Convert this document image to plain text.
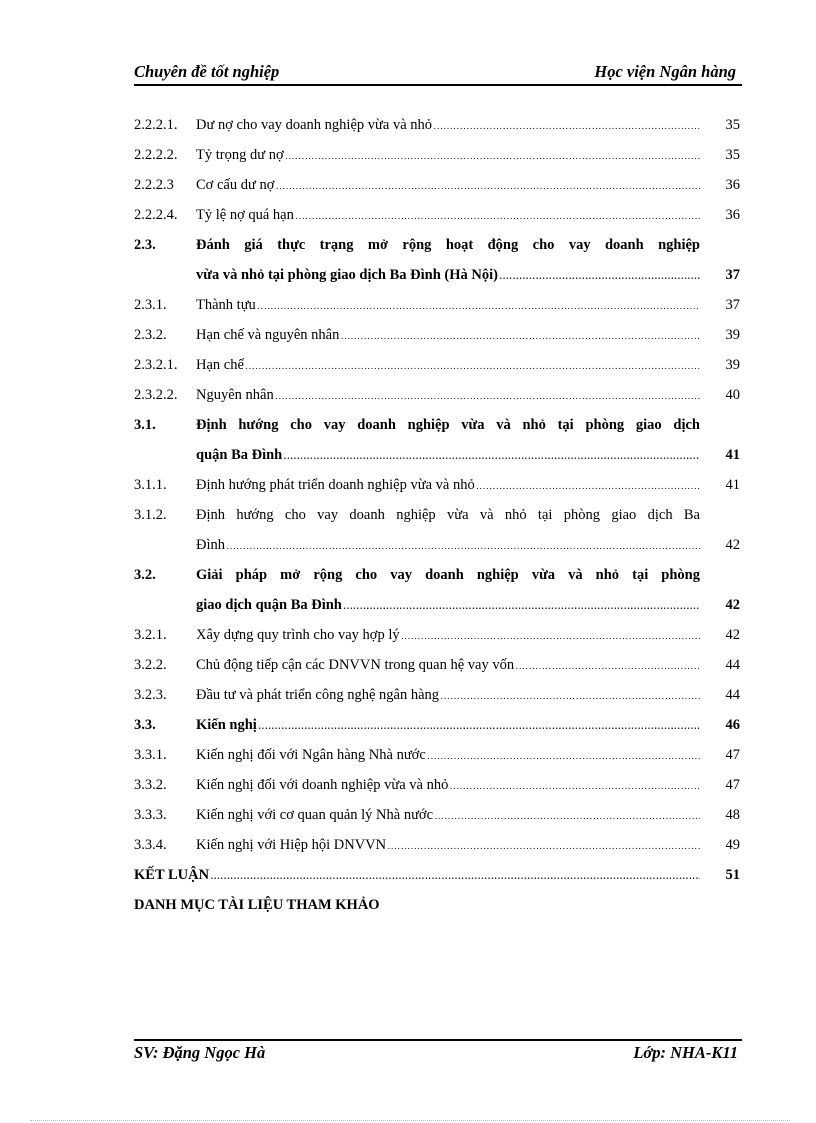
Chuyên đề tốt nghiệp	Học viện Ngân hàng
2.2.2.1. Dư nợ cho vay doanh nghiệp vừa và nhỏ . . .	35
2.2.2.2. Tỷ trọng dư nợ . . .	35
2.2.2.3 Cơ cấu dư nợ . . .	36
2.2.2.4. Tỷ lệ nợ quá hạn . . .	36
2.3.	Đánh giá thực trạng mở rộng hoạt động cho vay doanh nghiệp
vừa và nhỏ tại phòng giao dịch Ba Đình (Hà Nội) . . .	37
2.3.1. Thành tựu . . .	37
2.3.2. Hạn chế và nguyên nhân . . .	39
2.3.2.1. Hạn chế . . .	39
2.3.2.2. Nguyên nhân . . .	40
3.1.	Định hướng cho vay doanh nghiệp vừa và nhỏ tại phòng giao dịch
quận Ba Đình . . .	41
3.1.1. Định hướng phát triển doanh nghiệp vừa và nhỏ . . .	41
3.1.2. Định hướng cho vay doanh nghiệp vừa và nhỏ tại phòng giao dịch Ba
Đình . . .	42
3.2.	Giải pháp mở rộng cho vay doanh nghiệp vừa và nhỏ tại phòng
giao dịch quận Ba Đình . . .	42
3.2.1. Xây dựng quy trình cho vay hợp lý . . .	42
3.2.2. Chủ động tiếp cận các DNVVN trong quan hệ vay vốn . . .	44
3.2.3. Đầu tư và phát triển công nghệ ngân hàng . . .	44
3.3.	Kiến nghị . . .	46
3.3.1. Kiến nghị đối với Ngân hàng Nhà nước . . .	47
3.3.2. Kiến nghị đối với doanh nghiệp vừa và nhỏ . . .	47
3.3.3. Kiến nghị với cơ quan quản lý Nhà nước . . .	48
3.3.4. Kiến nghị với Hiệp hội DNVVN . . .	49
KẾT LUẬN . . .	51
DANH MỤC TÀI LIỆU THAM KHẢO
SV: Đặng Ngọc Hà	Lớp: NHA-K11
